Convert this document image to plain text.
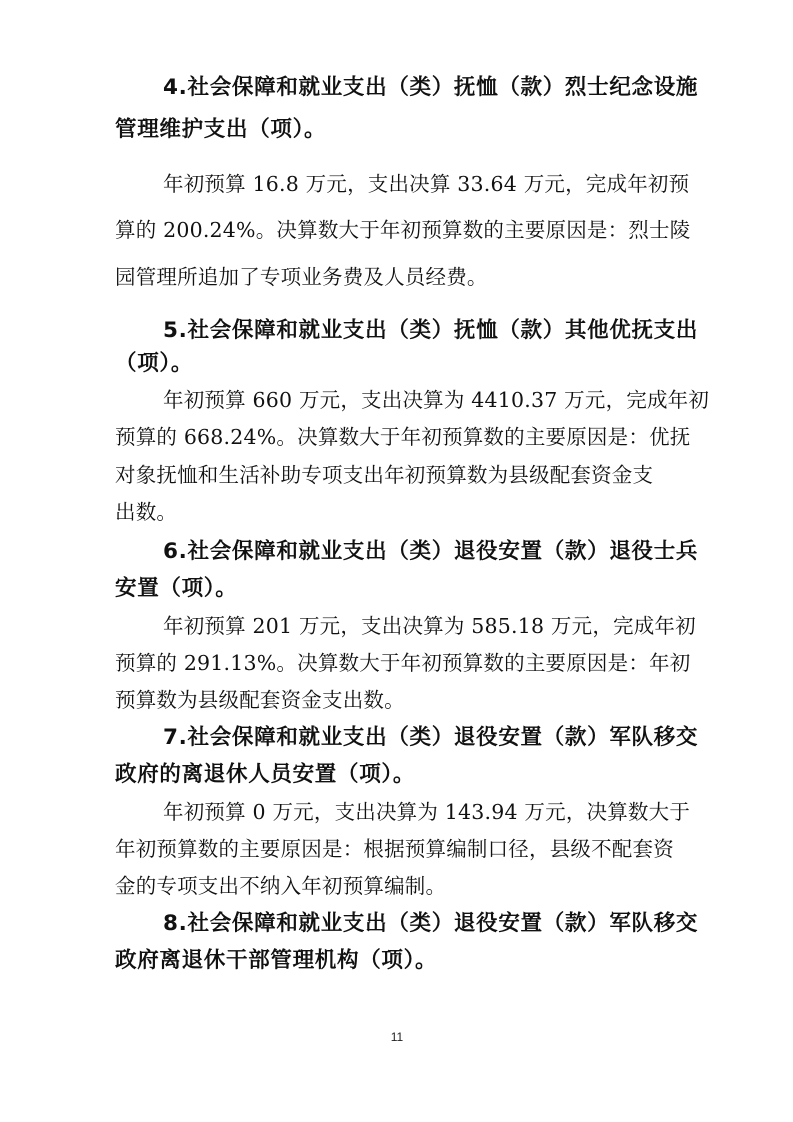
4.社会保障和就业支出（类）抚恤（款）烈士纪念设施
管理维护支出（项）。
年初预算 16.8 万元，支出决算 33.64 万元，完成年初预
算的 200.24%。决算数大于年初预算数的主要原因是：烈士陵
园管理所追加了专项业务费及人员经费。
5.社会保障和就业支出（类）抚恤（款）其他优抚支出
（项）。
年初预算 660 万元，支出决算为 4410.37 万元，完成年初
预算的 668.24%。决算数大于年初预算数的主要原因是：优抚
对象抚恤和生活补助专项支出年初预算数为县级配套资金支
出数。
6.社会保障和就业支出（类）退役安置（款）退役士兵
安置（项）。
年初预算 201 万元，支出决算为 585.18 万元，完成年初
预算的 291.13%。决算数大于年初预算数的主要原因是：年初
预算数为县级配套资金支出数。
7.社会保障和就业支出（类）退役安置（款）军队移交
政府的离退休人员安置（项）。
年初预算 0 万元，支出决算为 143.94 万元，决算数大于
年初预算数的主要原因是：根据预算编制口径，县级不配套资
金的专项支出不纳入年初预算编制。
8.社会保障和就业支出（类）退役安置（款）军队移交
政府离退休干部管理机构（项）。
11
